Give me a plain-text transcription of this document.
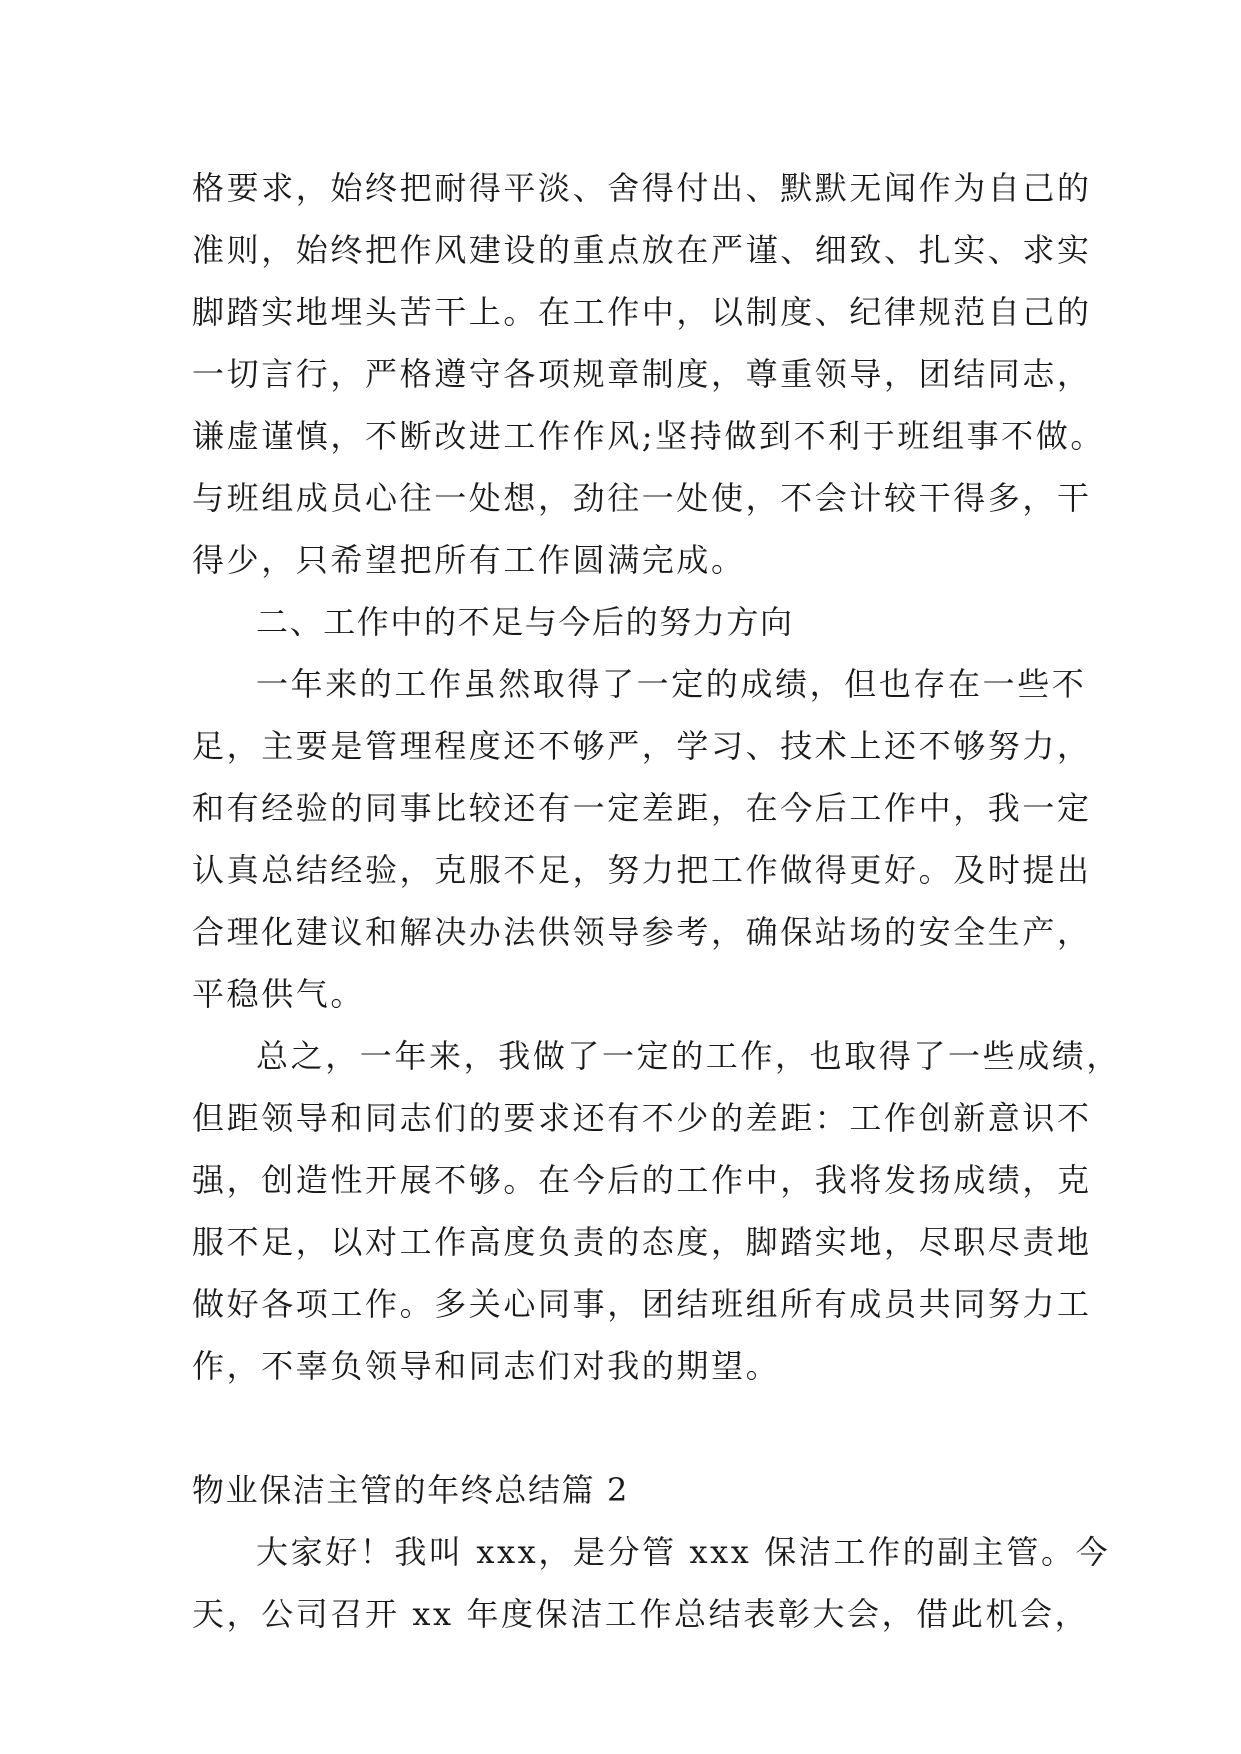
格要求，始终把耐得平淡、舍得付出、默默无闻作为自己的
准则，始终把作风建设的重点放在严谨、细致、扎实、求实
脚踏实地埋头苦干上。在工作中，以制度、纪律规范自己的
一切言行，严格遵守各项规章制度，尊重领导，团结同志，
谦虚谨慎，不断改进工作作风;坚持做到不利于班组事不做。
与班组成员心往一处想，劲往一处使，不会计较干得多，干
得少，只希望把所有工作圆满完成。
二、工作中的不足与今后的努力方向
一年来的工作虽然取得了一定的成绩，但也存在一些不
足，主要是管理程度还不够严，学习、技术上还不够努力，
和有经验的同事比较还有一定差距，在今后工作中，我一定
认真总结经验，克服不足，努力把工作做得更好。及时提出
合理化建议和解决办法供领导参考，确保站场的安全生产，
平稳供气。
总之，一年来，我做了一定的工作，也取得了一些成绩，
但距领导和同志们的要求还有不少的差距：工作创新意识不
强，创造性开展不够。在今后的工作中，我将发扬成绩，克
服不足，以对工作高度负责的态度，脚踏实地，尽职尽责地
做好各项工作。多关心同事，团结班组所有成员共同努力工
作，不辜负领导和同志们对我的期望。
物业保洁主管的年终总结篇 2
大家好！我叫 xxx，是分管 xxx 保洁工作的副主管。今
天，公司召开 xx 年度保洁工作总结表彰大会，借此机会，
